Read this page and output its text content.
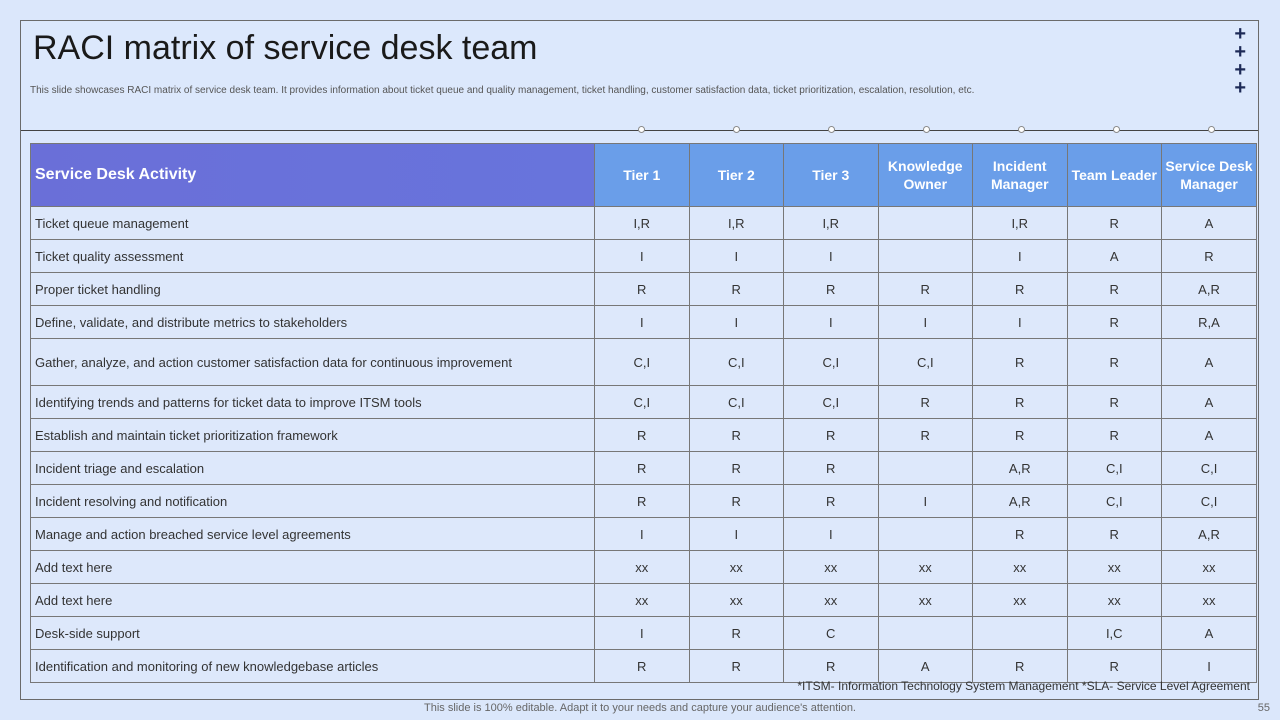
RACI matrix of service desk team
This slide showcases RACI matrix of service desk team. It provides information about ticket queue and quality management, ticket handling, customer satisfaction data, ticket prioritization, escalation, resolution, etc.
+
+
+
+
Service Desk Activity	Tier 1	Tier 2	Tier 3	Knowledge Owner	Incident Manager	Team Leader	Service Desk Manager
Ticket queue management	I,R	I,R	I,R		I,R	R	A
Ticket quality assessment	I	I	I		I	A	R
Proper ticket handling	R	R	R	R	R	R	A,R
Define, validate, and distribute metrics to stakeholders	I	I	I	I	I	R	R,A
Gather, analyze, and action customer satisfaction data for continuous improvement	C,I	C,I	C,I	C,I	R	R	A
Identifying trends and patterns for ticket data to improve ITSM tools	C,I	C,I	C,I	R	R	R	A
Establish and maintain ticket prioritization framework	R	R	R	R	R	R	A
Incident triage and escalation	R	R	R		A,R	C,I	C,I
Incident resolving and notification	R	R	R	I	A,R	C,I	C,I
Manage and action breached service level agreements	I	I	I		R	R	A,R
Add text here	xx	xx	xx	xx	xx	xx	xx
Add text here	xx	xx	xx	xx	xx	xx	xx
Desk-side support	I	R	C			I,C	A
Identification and monitoring of new knowledgebase articles	R	R	R	A	R	R	I
*ITSM- Information Technology System Management *SLA- Service Level Agreement
This slide is 100% editable. Adapt it to your needs and capture your audience's attention.	55
